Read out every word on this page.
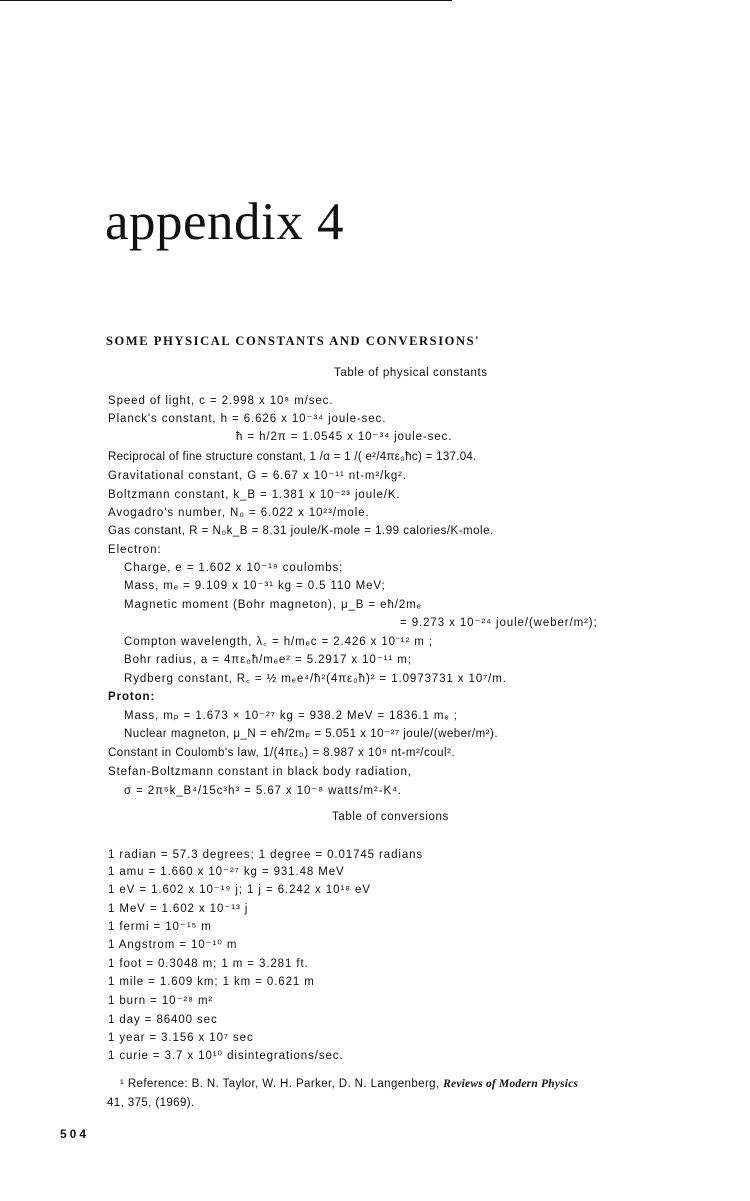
appendix 4
SOME PHYSICAL CONSTANTS AND CONVERSIONS'
Table of physical constants
Speed of light, c = 2.998 x 10⁸ m/sec.
Planck's constant, h = 6.626 x 10⁻³⁴ joule-sec.
ħ = h/2π = 1.0545 x 10⁻³⁴ joule-sec.
Reciprocal of fine structure constant, 1 /α = 1 /( e²/4πε₀ħc) = 137.04.
Gravitational constant, G = 6.67 x 10⁻¹¹ nt-m²/kg².
Boltzmann constant, k_B = 1.381 x 10⁻²³ joule/K.
Avogadro's number, N₀ = 6.022 x 10²³/mole.
Gas constant, R = N₀k_B = 8.31 joule/K-mole = 1.99 calories/K-mole.
Electron:
Charge, e = 1.602 x 10⁻¹⁹ coulombs;
Mass, mₑ = 9.109 x 10⁻³¹ kg = 0.5 110 MeV;
Magnetic moment (Bohr magneton), μ_B = eħ/2mₑ
= 9.273 x 10⁻²⁴ joule/(weber/m²);
Compton wavelength, λ꜀ = h/mₑc = 2.426 x 10⁻¹² m ;
Bohr radius, a = 4πε₀ħ/mₑe² = 5.2917 x 10⁻¹¹ m;
Rydberg constant, R꜀ = ½ mₑe⁴/ħ²(4πε₀ħ)² = 1.0973731 x 10⁷/m.
Proton:
Mass, mₚ = 1.673 × 10⁻²⁷ kg = 938.2 MeV = 1836.1 mₑ ;
Nuclear magneton, μ_N = eħ/2mₚ = 5.051 x 10⁻²⁷ joule/(weber/m²).
Constant in Coulomb's law, 1/(4πε₀) = 8.987 x 10⁹ nt-m²/coul².
Stefan-Boltzmann constant in black body radiation,
σ = 2π⁵k_B⁴/15c³h³ = 5.67 x 10⁻⁸ watts/m²-K⁴.
Table of conversions
1 radian = 57.3 degrees; 1 degree = 0.01745 radians
1 amu = 1.660 x 10⁻²⁷ kg = 931.48 MeV
1 eV = 1.602 x 10⁻¹⁹ j; 1 j = 6.242 x 10¹⁸ eV
1 MeV = 1.602 x 10⁻¹³ j
1 fermi = 10⁻¹⁵ m
1 Angstrom = 10⁻¹⁰ m
1 foot = 0.3048 m; 1 m = 3.281 ft.
1 mile = 1.609 km; 1 km = 0.621 m
1 burn = 10⁻²⁸ m²
1 day = 86400 sec
1 year = 3.156 x 10⁷ sec
1 curie = 3.7 x 10¹⁰ disintegrations/sec.
¹ Reference: B. N. Taylor, W. H. Parker, D. N. Langenberg, Reviews of Modern Physics
41, 375, (1969).
504
